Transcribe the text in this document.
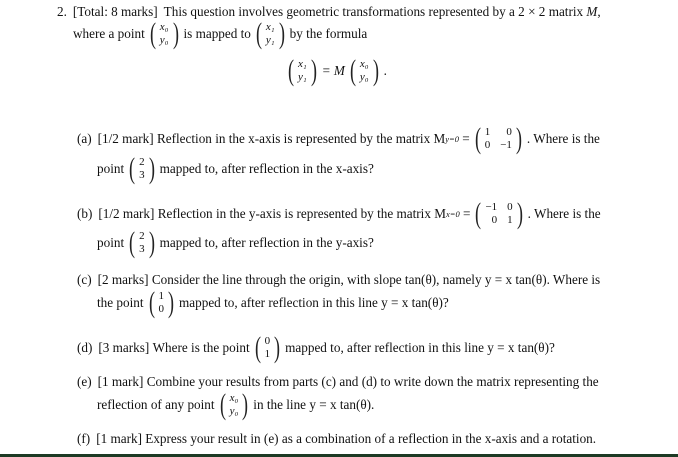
2. [Total: 8 marks] This question involves geometric transformations represented by a 2 × 2 matrix
M ,
where a point ( x₀
y₀ ) is mapped to ( x₁
y₁ ) by the formula
( x₁
y₁ ) = M ( x₀
y₀ ) .
(a) [1/2 mark]
Reflection in the x-axis is represented by the matrix M y=0
= ( 1	0
0 −1 ) . Where is the
point ( 2
3 ) mapped to, after reflection in the x-axis?
(b) [1/2 mark]
Reflection in the y-axis is represented by the matrix M x=0
= ( −1 0
0 1 ) . Where is the
point ( 2
3 ) mapped to, after reflection in the y-axis?
(c) [2 marks]
Consider the line through the origin, with slope tan(θ), namely y = x tan(θ). Where is
the point ( 1
0 ) mapped to, after reflection in this line y = x tan(θ)?
(d) [3 marks]
Where is the point ( 0
1 ) mapped to, after reflection in this line y = x tan(θ)?
(e) [1 mark]
Combine your results from parts (c) and (d) to write down the matrix representing the
reflection of any point ( x₀
y₀ ) in the line y = x tan(θ).
(f) [1 mark]
Express your result in (e) as a combination of a reflection in the x-axis and a rotation.
